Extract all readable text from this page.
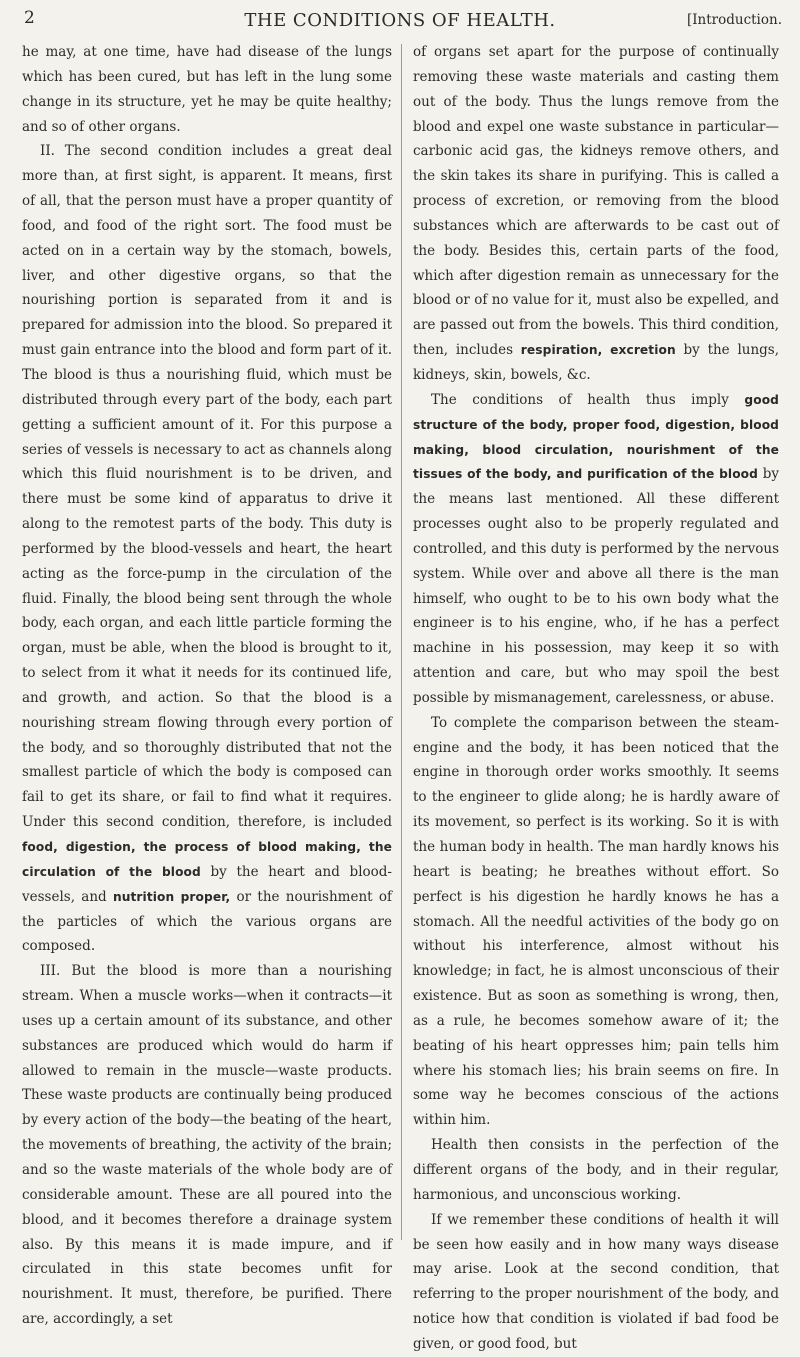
2	THE CONDITIONS OF HEALTH.	[Introduction.

he may, at one time, have had disease of the lungs which has been cured, but has left in the lung some change in its structure, yet he may be quite healthy; and so of other organs.

II. The second condition includes a great deal more than, at first sight, is apparent. It means, first of all, that the person must have a proper quantity of food, and food of the right sort. The food must be acted on in a certain way by the stomach, bowels, liver, and other digestive organs, so that the nourishing portion is separated from it and is prepared for admission into the blood. So prepared it must gain entrance into the blood and form part of it. The blood is thus a nourishing fluid, which must be distributed through every part of the body, each part getting a sufficient amount of it. For this purpose a series of vessels is necessary to act as channels along which this fluid nourishment is to be driven, and there must be some kind of apparatus to drive it along to the remotest parts of the body. This duty is performed by the blood-vessels and heart, the heart acting as the force-pump in the circulation of the fluid. Finally, the blood being sent through the whole body, each organ, and each little particle forming the organ, must be able, when the blood is brought to it, to select from it what it needs for its continued life, and growth, and action. So that the blood is a nourishing stream flowing through every portion of the body, and so thoroughly distributed that not the smallest particle of which the body is composed can fail to get its share, or fail to find what it requires. Under this second condition, therefore, is included food, digestion, the process of blood making, the circulation of the blood by the heart and blood-vessels, and nutrition proper, or the nourishment of the particles of which the various organs are composed.

III. But the blood is more than a nourishing stream. When a muscle works—when it contracts—it uses up a certain amount of its substance, and other substances are produced which would do harm if allowed to remain in the muscle—waste products. These waste products are continually being produced by every action of the body—the beating of the heart, the movements of breathing, the activity of the brain; and so the waste materials of the whole body are of considerable amount. These are all poured into the blood, and it becomes therefore a drainage system also. By this means it is made impure, and if circulated in this state becomes unfit for nourishment. It must, therefore, be purified. There are, accordingly, a set

of organs set apart for the purpose of continually removing these waste materials and casting them out of the body. Thus the lungs remove from the blood and expel one waste substance in particular—carbonic acid gas, the kidneys remove others, and the skin takes its share in purifying. This is called a process of excretion, or removing from the blood substances which are afterwards to be cast out of the body. Besides this, certain parts of the food, which after digestion remain as unnecessary for the blood or of no value for it, must also be expelled, and are passed out from the bowels. This third condition, then, includes respiration, excretion by the lungs, kidneys, skin, bowels, &c.

The conditions of health thus imply good structure of the body, proper food, digestion, blood making, blood circulation, nourishment of the tissues of the body, and purification of the blood by the means last mentioned. All these different processes ought also to be properly regulated and controlled, and this duty is performed by the nervous system. While over and above all there is the man himself, who ought to be to his own body what the engineer is to his engine, who, if he has a perfect machine in his possession, may keep it so with attention and care, but who may spoil the best possible by mismanagement, carelessness, or abuse.

To complete the comparison between the steam-engine and the body, it has been noticed that the engine in thorough order works smoothly. It seems to the engineer to glide along; he is hardly aware of its movement, so perfect is its working. So it is with the human body in health. The man hardly knows his heart is beating; he breathes without effort. So perfect is his digestion he hardly knows he has a stomach. All the needful activities of the body go on without his interference, almost without his knowledge; in fact, he is almost unconscious of their existence. But as soon as something is wrong, then, as a rule, he becomes somehow aware of it; the beating of his heart oppresses him; pain tells him where his stomach lies; his brain seems on fire. In some way he becomes conscious of the actions within him.

Health then consists in the perfection of the different organs of the body, and in their regular, harmonious, and unconscious working.

If we remember these conditions of health it will be seen how easily and in how many ways disease may arise. Look at the second condition, that referring to the proper nourishment of the body, and notice how that condition is violated if bad food be given, or good food, but
